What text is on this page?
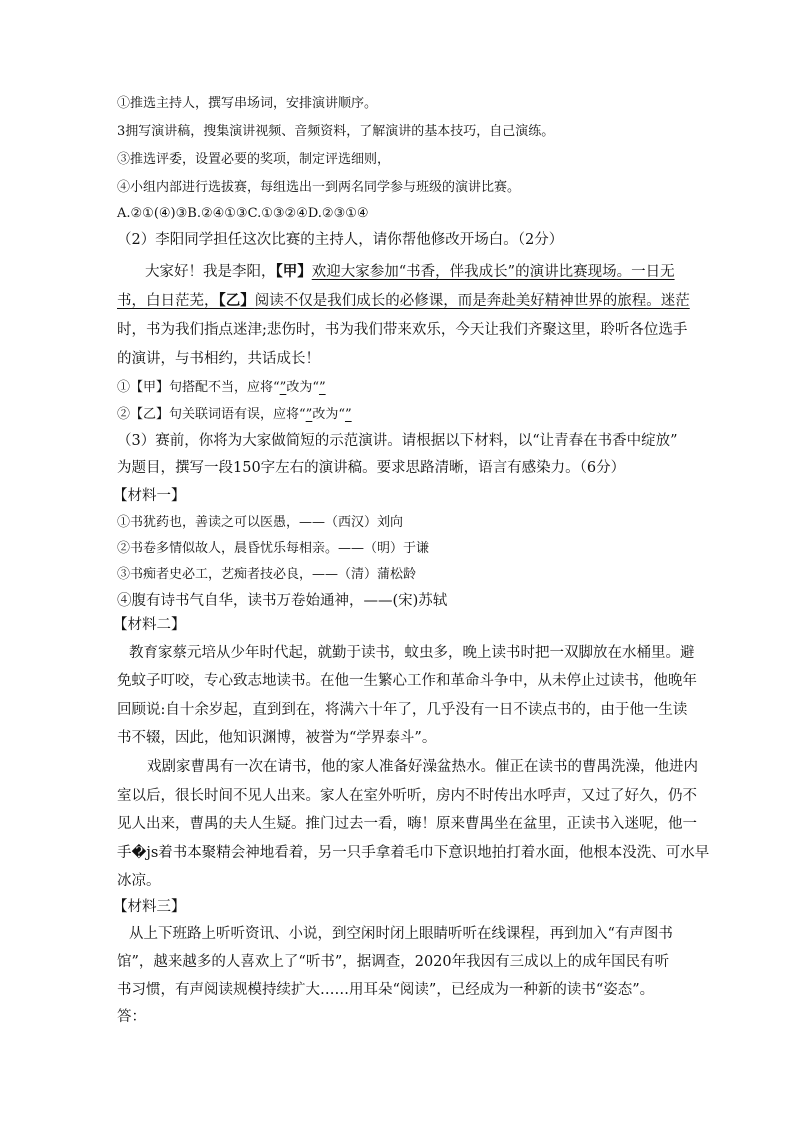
①推选主持人，撰写串场词，安排演讲顺序。
3拥写演讲稿，搜集演讲视频、音频资料，了解演讲的基本技巧，自己演练。
③推选评委，设置必要的奖项，制定评选细则，
④小组内部进行选拔赛，每组选出一到两名同学参与班级的演讲比赛。
A.②①(④)③B.②④①③C.①③②④D.②③①④
（2）李阳同学担任这次比赛的主持人，请你帮他修改开场白。（2分）
大家好！我是李阳，【甲】欢迎大家参加“书香，伴我成长”的演讲比赛现场。一日无
书，白日茫芜，【乙】阅读不仅是我们成长的必修课，而是奔赴美好精神世界的旅程。迷茫
时，书为我们指点迷津;悲伤时，书为我们带来欢乐，今天让我们齐聚这里，聆听各位选手
的演讲，与书相约，共话成长！
①【甲】句搭配不当，应将“”改为“”
②【乙】句关联词语有误，应将“”改为“”
（3）赛前，你将为大家做简短的示范演讲。请根据以下材料，以“让青春在书香中绽放”
为题目，撰写一段150字左右的演讲稿。要求思路清晰，语言有感染力。（6分）
【材料一】
①书犹药也，善读之可以医愚，——（西汉）刘向
②书卷多情似故人，晨昏忧乐每相亲。——（明）于谦
③书痴者史必工，艺痴者技必良，——（清）蒲松龄
④腹有诗书气自华，读书万卷始通神，——(宋)苏轼
【材料二】
教育家蔡元培从少年时代起，就勤于读书，蚊虫多，晚上读书时把一双脚放在水桶里。避
免蚊子叮咬，专心致志地读书。在他一生繁心工作和革命斗争中，从未停止过读书，他晚年
回顾说:自十余岁起，直到到在，将满六十年了，几乎没有一日不读点书的，由于他一生读
书不辍，因此，他知识渊博，被誉为“学界泰斗”。
戏剧家曹禺有一次在请书，他的家人准备好澡盆热水。催正在读书的曹禺洗澡，他进内
室以后，很长时间不见人出来。家人在室外听听，房内不时传出水呼声，又过了好久，仍不
见人出来，曹禺的夫人生疑。推门过去一看，嗨！原来曹禺坐在盆里，正读书入迷呢，他一
手�js着书本聚精会神地看着，另一只手拿着毛巾下意识地拍打着水面，他根本没洗、可水早
冰凉。
【材料三】
从上下班路上听听资讯、小说，到空闲时闭上眼睛听听在线课程，再到加入“有声图书
馆”，越来越多的人喜欢上了“听书”，据调查，2020年我因有三成以上的成年国民有听
书习惯，有声阅读规模持续扩大……用耳朵“阅读”，已经成为一种新的读书“姿态”。
答：
